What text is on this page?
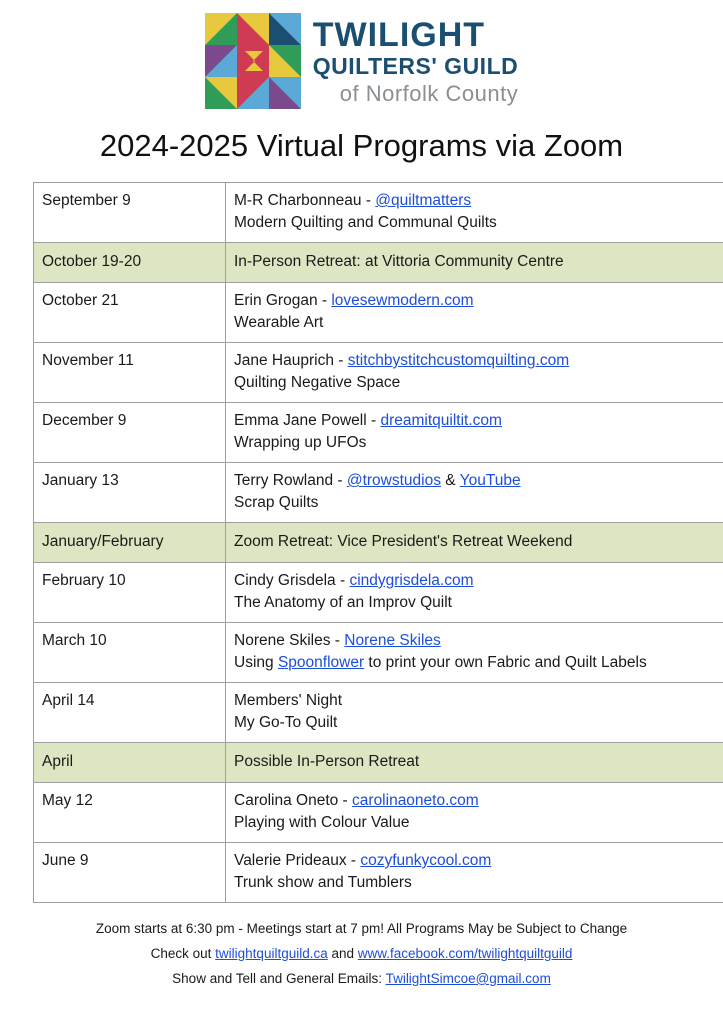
TWILIGHT
QUILTERS' GUILD
of Norfolk County
2024-2025 Virtual Programs via Zoom
September 9	M-R Charbonneau - @quiltmatters
Modern Quilting and Communal Quilts

October 19-20	In-Person Retreat: at Vittoria Community Centre
October 21	Erin Grogan - lovesewmodern.com
Wearable Art

November 11	Jane Hauprich - stitchbystitchcustomquilting.com
Quilting Negative Space

December 9	Emma Jane Powell - dreamitquiltit.com
Wrapping up UFOs

January 13	Terry Rowland - @trowstudios & YouTube
Scrap Quilts

January/February	Zoom Retreat: Vice President's Retreat Weekend
February 10	Cindy Grisdela - cindygrisdela.com
The Anatomy of an Improv Quilt

March 10	Norene Skiles - Norene Skiles
Using Spoonflower to print your own Fabric and Quilt Labels

April 14	Members' Night
My Go-To Quilt

April	Possible In-Person Retreat
May 12	Carolina Oneto - carolinaoneto.com
Playing with Colour Value

June 9	Valerie Prideaux - cozyfunkycool.com
Trunk show and Tumblers
Zoom starts at 6:30 pm - Meetings start at 7 pm! All Programs May be Subject to Change
Check out twilightquiltguild.ca and www.facebook.com/twilightquiltguild
Show and Tell and General Emails: TwilightSimcoe@gmail.com
